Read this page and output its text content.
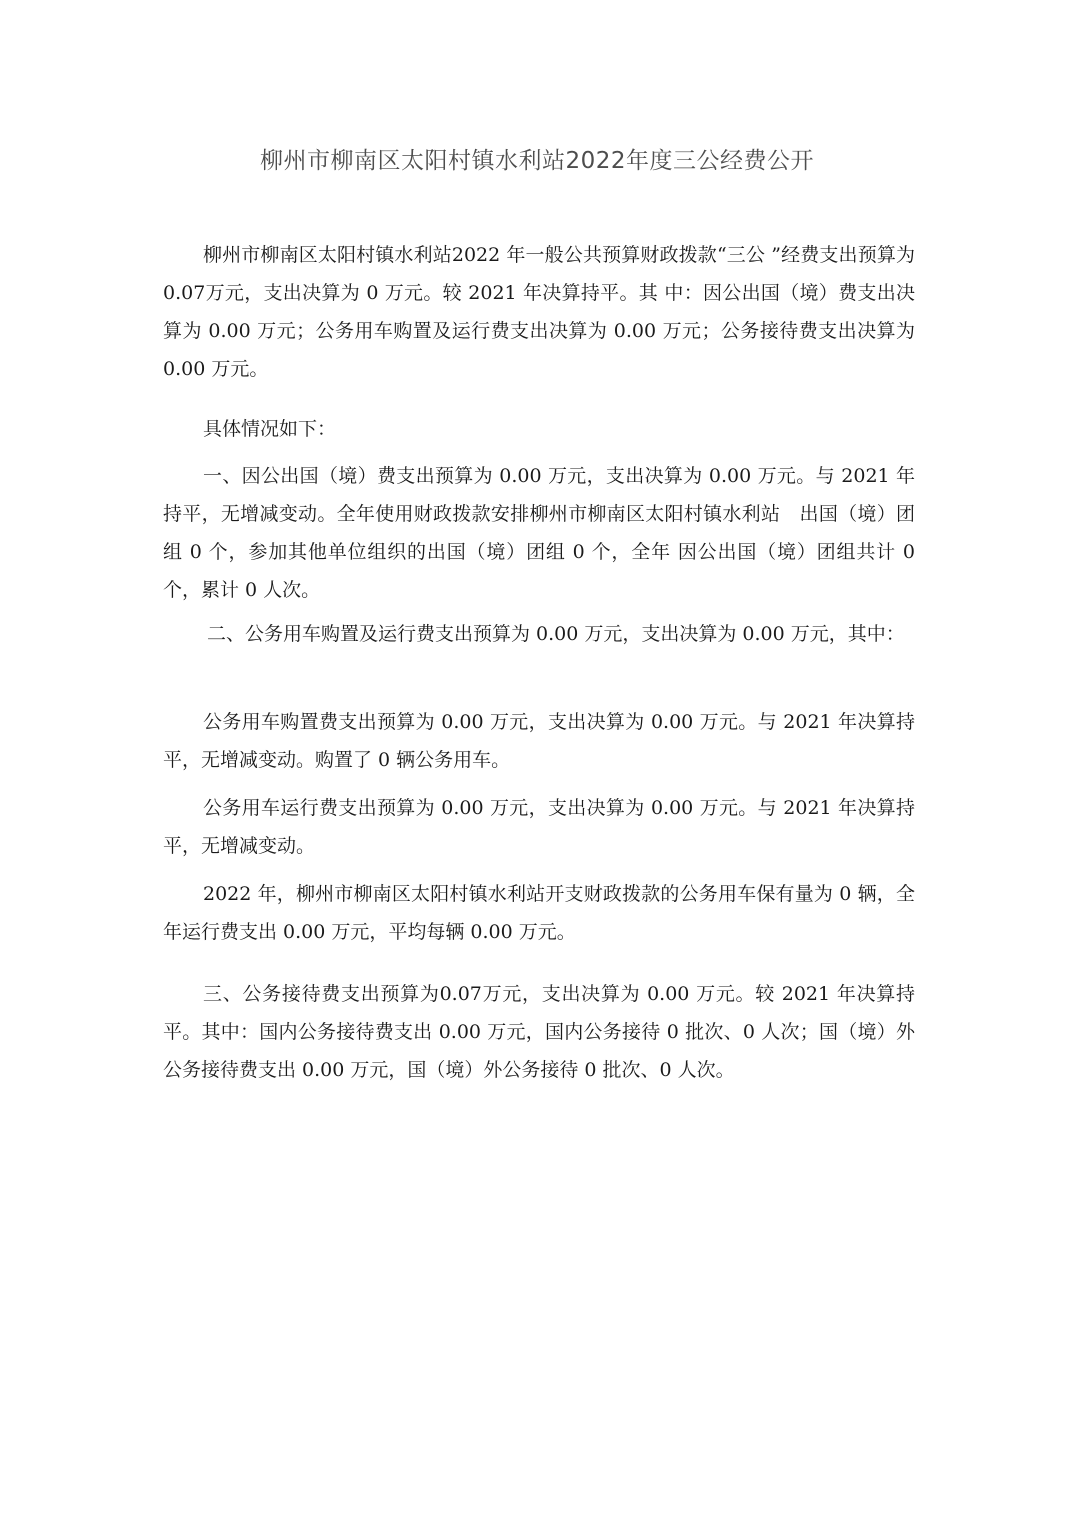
柳州市柳南区太阳村镇水利站2022年度三公经费公开

柳州市柳南区太阳村镇水利站2022 年一般公共预算财政拨款“三公 ”经费支出预算为 0.07万元，支出决算为 0 万元。较 2021 年决算持平。其 中：因公出国（境）费支出决算为 0.00 万元；公务用车购置及运行费支出决算为 0.00 万元；公务接待费支出决算为 0.00 万元。

具体情况如下：

一、因公出国（境）费支出预算为 0.00 万元，支出决算为 0.00 万元。与 2021 年持平，无增减变动。全年使用财政拨款安排柳州市柳南区太阳村镇水利站　出国（境）团组 0 个，参加其他单位组织的出国（境）团组 0 个，全年 因公出国（境）团组共计 0 个，累计 0 人次。

二、公务用车购置及运行费支出预算为 0.00 万元，支出决算为 0.00 万元，其中：

公务用车购置费支出预算为 0.00 万元，支出决算为 0.00 万元。与 2021 年决算持平，无增减变动。购置了 0 辆公务用车。

公务用车运行费支出预算为 0.00 万元，支出决算为 0.00 万元。与 2021 年决算持平，无增减变动。

2022 年，柳州市柳南区太阳村镇水利站开支财政拨款的公务用车保有量为 0 辆，全年运行费支出 0.00 万元，平均每辆 0.00 万元。

三、公务接待费支出预算为0.07万元，支出决算为 0.00 万元。较 2021 年决算持平。其中：国内公务接待费支出 0.00 万元，国内公务接待 0 批次、0 人次；国（境）外公务接待费支出 0.00 万元，国（境）外公务接待 0 批次、0 人次。
